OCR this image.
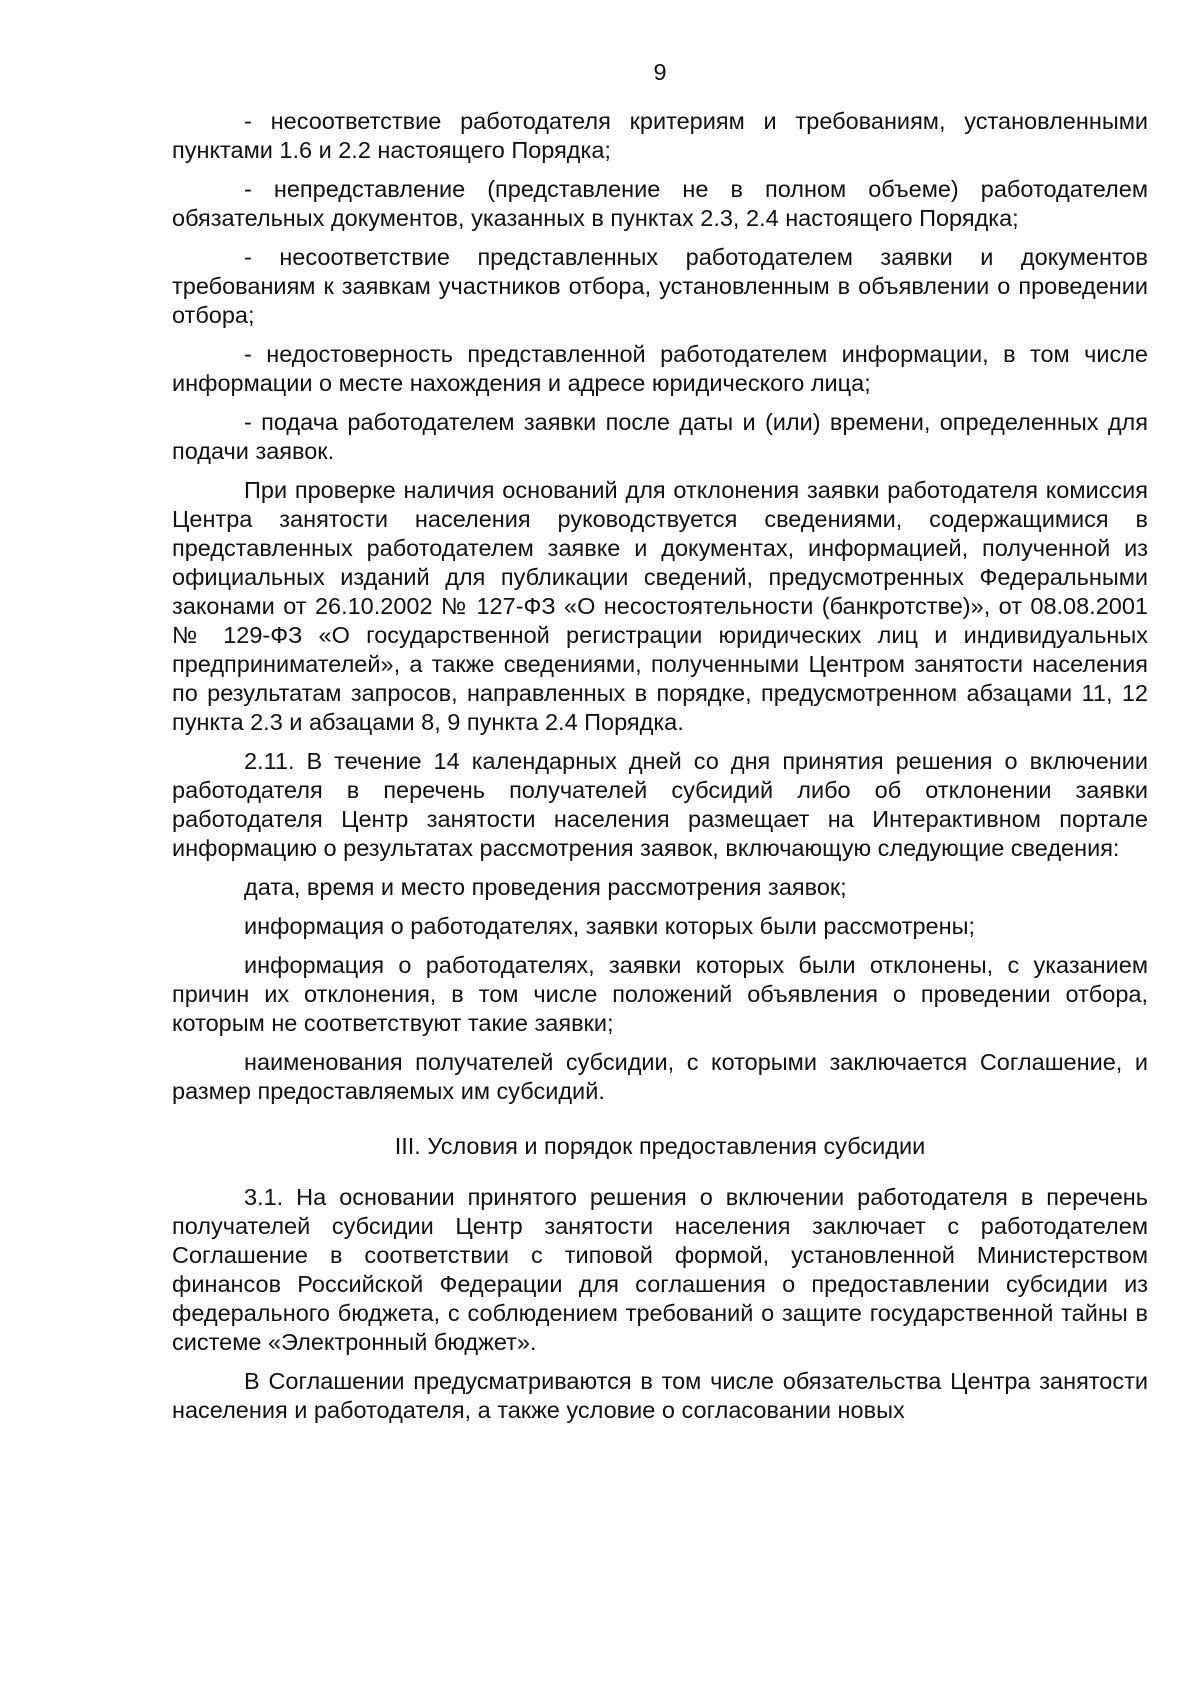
9

- несоответствие работодателя критериям и требованиям, установленными пунктами 1.6 и 2.2 настоящего Порядка;

- непредставление (представление не в полном объеме) работодателем обязательных документов, указанных в пунктах 2.3, 2.4 настоящего Порядка;

- несоответствие представленных работодателем заявки и документов требованиям к заявкам участников отбора, установленным в объявлении о проведении отбора;

- недостоверность представленной работодателем информации, в том числе информации о месте нахождения и адресе юридического лица;

- подача работодателем заявки после даты и (или) времени, определенных для подачи заявок.

При проверке наличия оснований для отклонения заявки работодателя комиссия Центра занятости населения руководствуется сведениями, содержащимися в представленных работодателем заявке и документах, информацией, полученной из официальных изданий для публикации сведений, предусмотренных Федеральными законами от 26.10.2002 № 127-ФЗ «О несостоятельности (банкротстве)», от 08.08.2001 № 129-ФЗ «О государственной регистрации юридических лиц и индивидуальных предпринимателей», а также сведениями, полученными Центром занятости населения по результатам запросов, направленных в порядке, предусмотренном абзацами 11, 12 пункта 2.3 и абзацами 8, 9 пункта 2.4 Порядка.

2.11. В течение 14 календарных дней со дня принятия решения о включении работодателя в перечень получателей субсидий либо об отклонении заявки работодателя Центр занятости населения размещает на Интерактивном портале информацию о результатах рассмотрения заявок, включающую следующие сведения:

дата, время и место проведения рассмотрения заявок;

информация о работодателях, заявки которых были рассмотрены;

информация о работодателях, заявки которых были отклонены, с указанием причин их отклонения, в том числе положений объявления о проведении отбора, которым не соответствуют такие заявки;

наименования получателей субсидии, с которыми заключается Соглашение, и размер предоставляемых им субсидий.

III. Условия и порядок предоставления субсидии

3.1. На основании принятого решения о включении работодателя в перечень получателей субсидии Центр занятости населения заключает с работодателем Соглашение в соответствии с типовой формой, установленной Министерством финансов Российской Федерации для соглашения о предоставлении субсидии из федерального бюджета, с соблюдением требований о защите государственной тайны в системе «Электронный бюджет».

В Соглашении предусматриваются в том числе обязательства Центра занятости населения и работодателя, а также условие о согласовании новых
